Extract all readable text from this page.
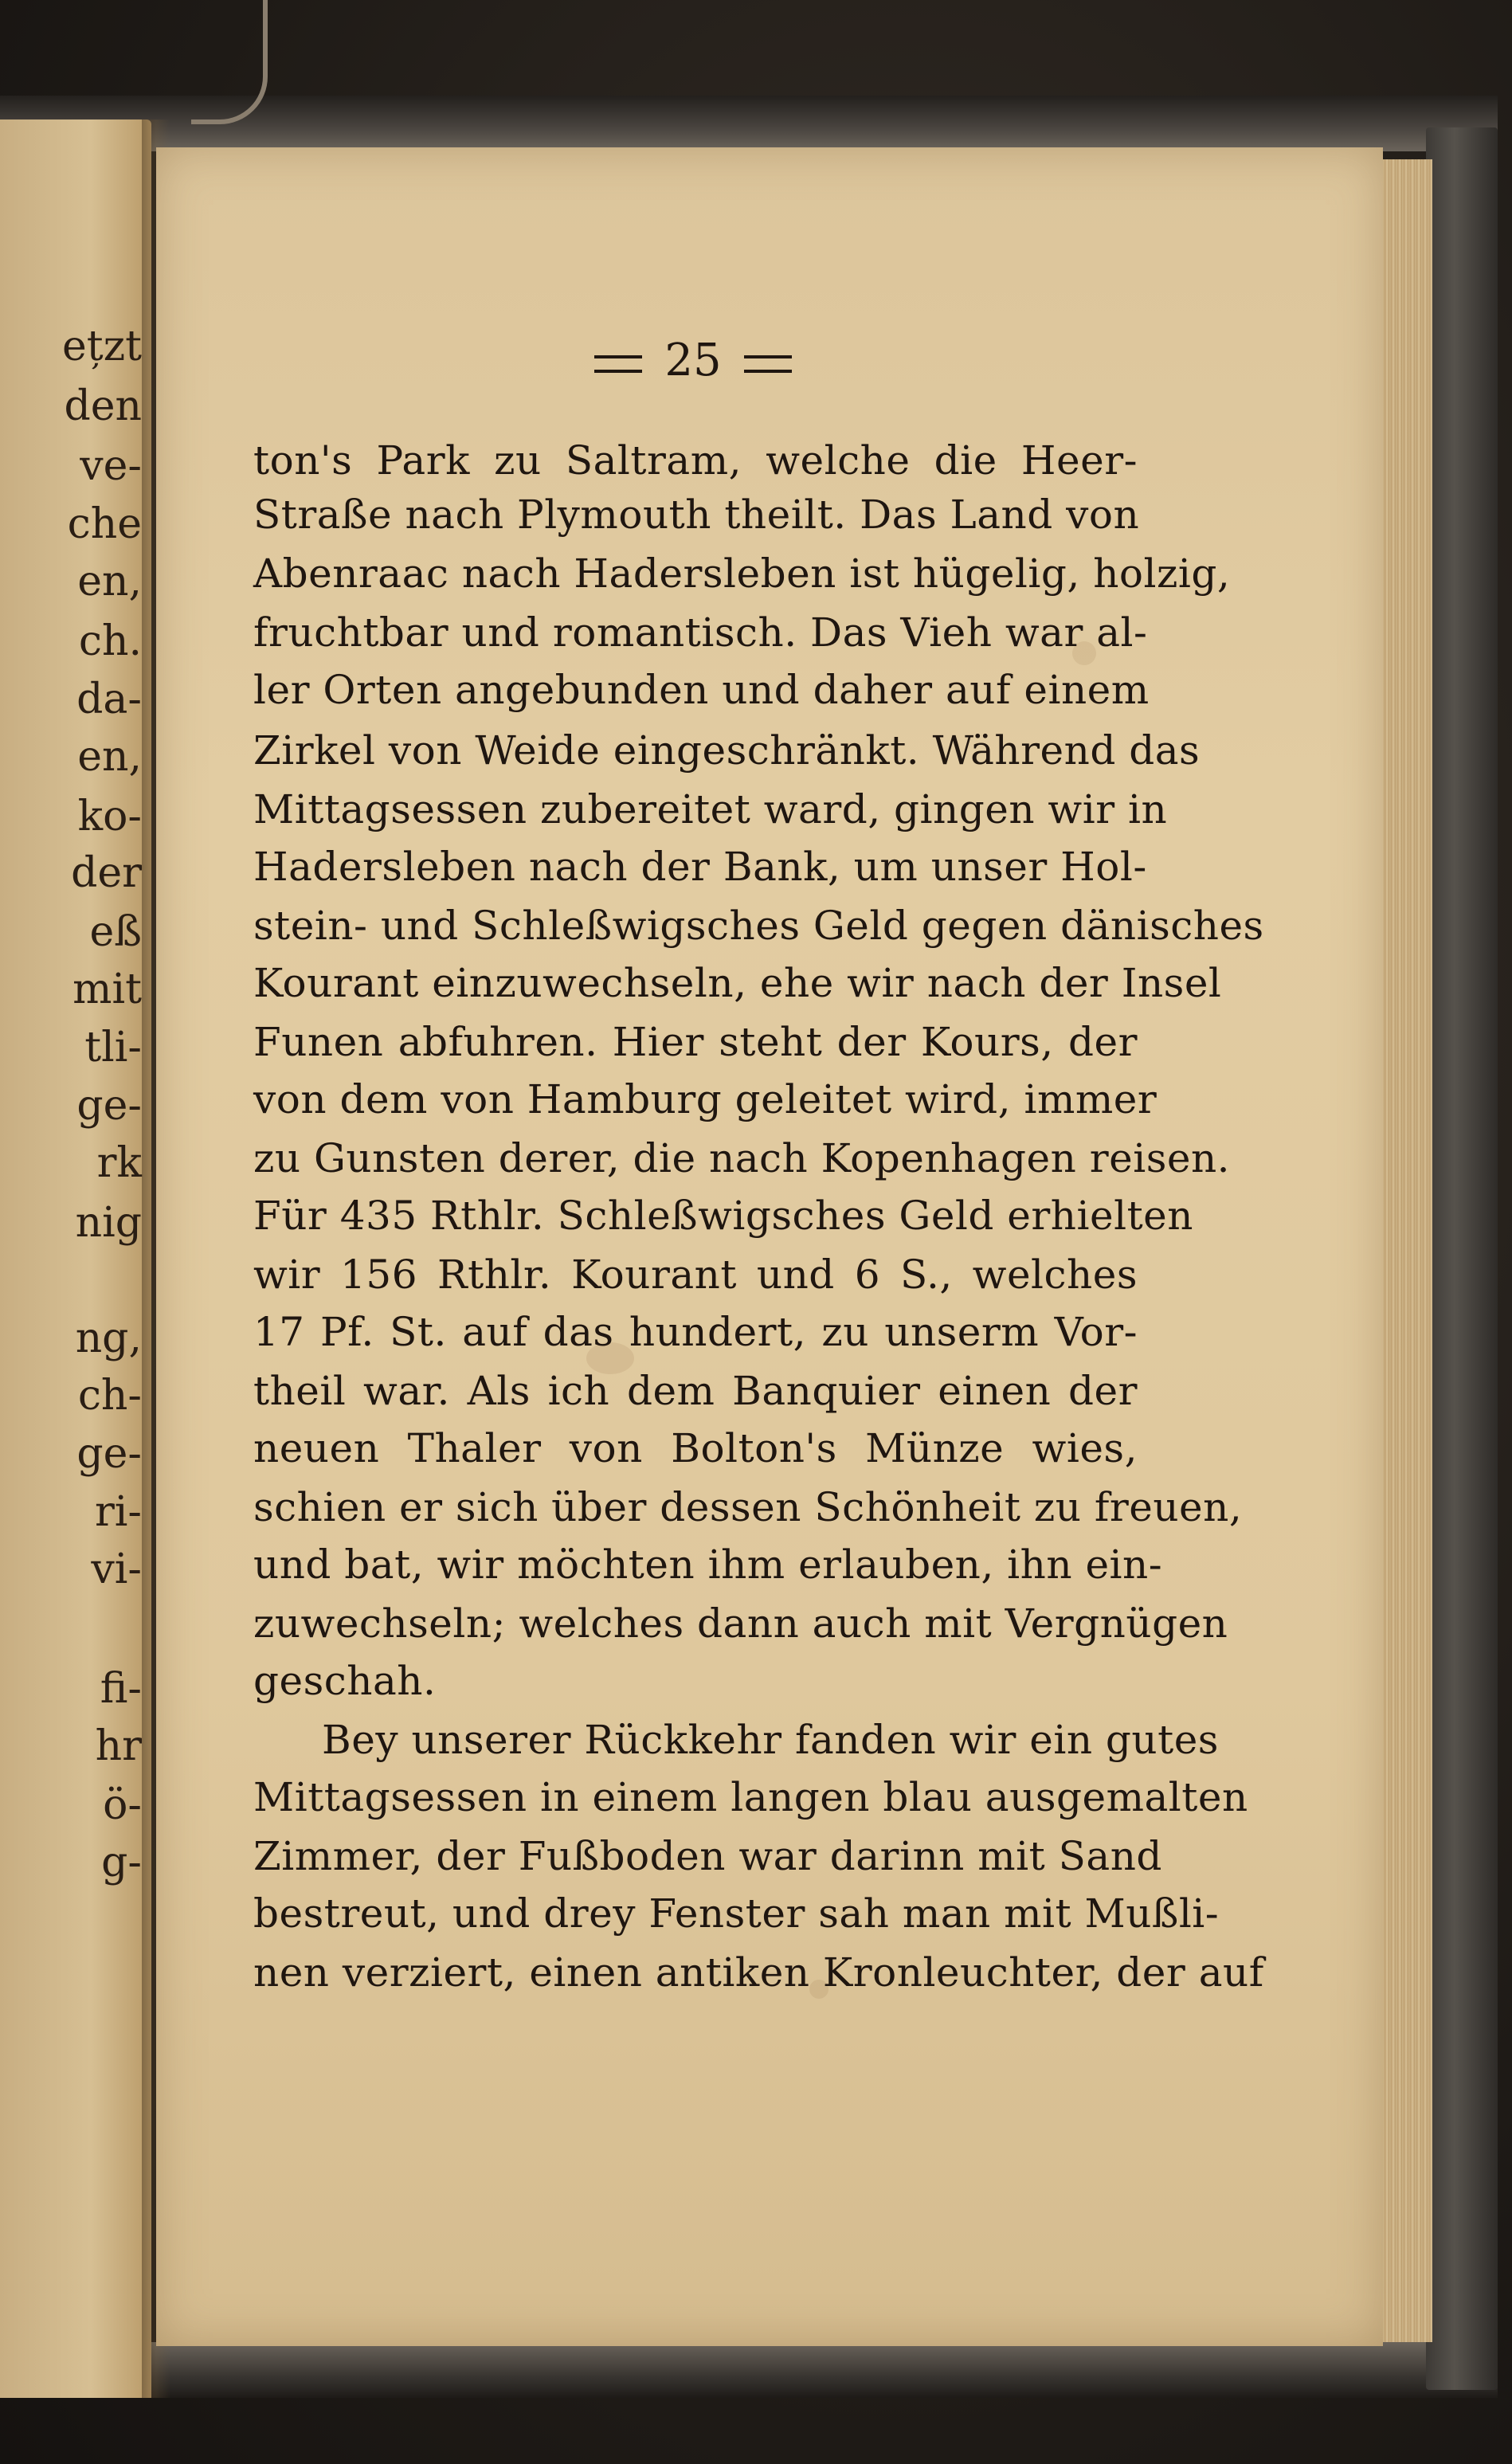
ețzt
den
ve-
che
en,
ch.
da-
en,
ko-
der
eß
mit
tli-
ge-
rk
nig
ng,
ch-
ge-
ri-
vi-
fi-
hr
ö-
g-
25
ton's Park zu Saltram, welche die Heer-
Straße nach Plymouth theilt. Das Land von
Abenraac nach Hadersleben ist hügelig, holzig,
fruchtbar und romantisch. Das Vieh war al-
ler Orten angebunden und daher auf einem
Zirkel von Weide eingeschränkt. Während das
Mittagsessen zubereitet ward, gingen wir in
Hadersleben nach der Bank, um unser Hol-
stein- und Schleßwigsches Geld gegen dänisches
Kourant einzuwechseln, ehe wir nach der Insel
Funen abfuhren. Hier steht der Kours, der
von dem von Hamburg geleitet wird, immer
zu Gunsten derer, die nach Kopenhagen reisen.
Für 435 Rthlr. Schleßwigsches Geld erhielten
wir 156 Rthlr. Kourant und 6 S., welches
17 Pf. St. auf das hundert, zu unserm Vor-
theil war. Als ich dem Banquier einen der
neuen Thaler von Bolton's Münze wies,
schien er sich über dessen Schönheit zu freuen,
und bat, wir möchten ihm erlauben, ihn ein-
zuwechseln; welches dann auch mit Vergnügen
geschah.
Bey unserer Rückkehr fanden wir ein gutes
Mittagsessen in einem langen blau ausgemalten
Zimmer, der Fußboden war darinn mit Sand
bestreut, und drey Fenster sah man mit Mußli-
nen verziert, einen antiken Kronleuchter, der auf
